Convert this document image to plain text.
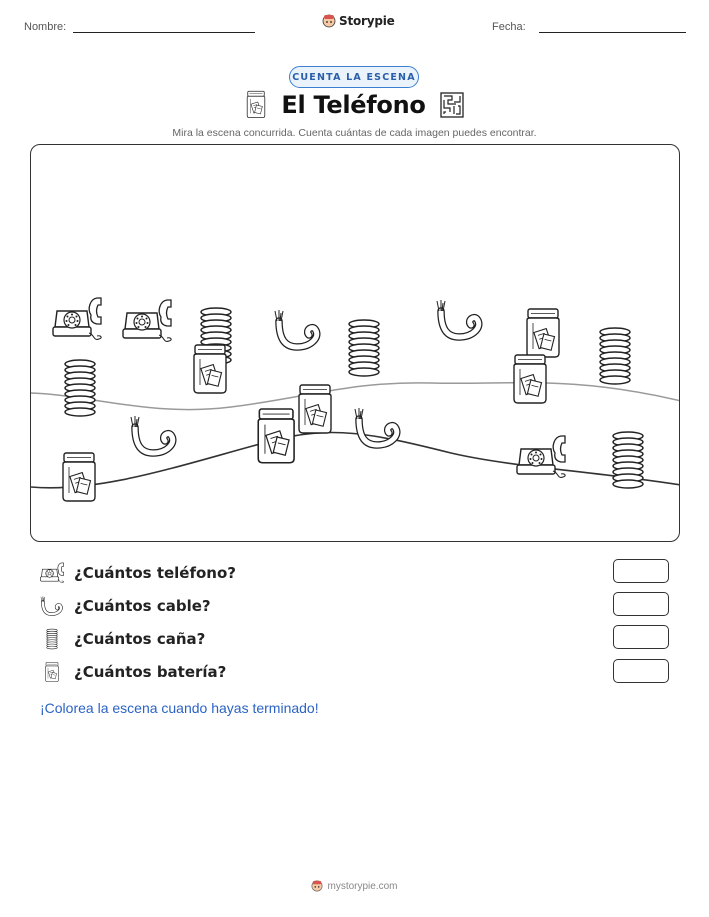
Nombre:	Storypie	Fecha:
CUENTA LA ESCENA
El Teléfono
Mira la escena concurrida. Cuenta cuántas de cada imagen puedes encontrar.
¿Cuántos teléfono?
¿Cuántos cable?
¿Cuántos caña?
¿Cuántos batería?
¡Colorea la escena cuando hayas terminado!
mystorypie.com
